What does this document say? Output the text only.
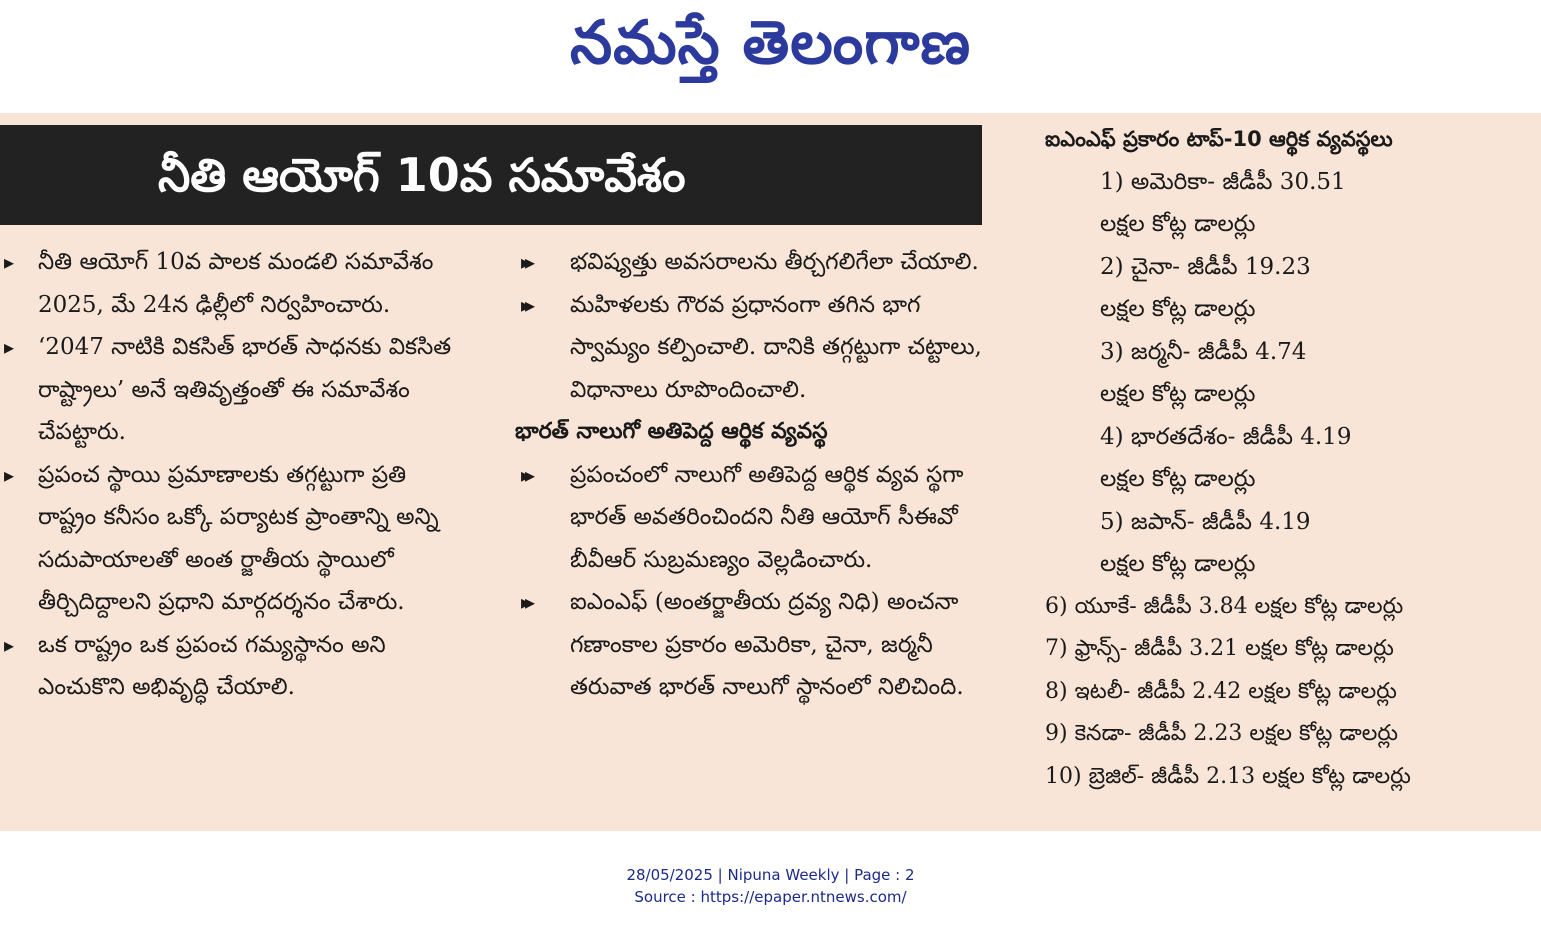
నమస్తే తెలంగాణ
నీతి ఆయోగ్ 10వ సమావేశం
▸ నీతి ఆయోగ్ 10వ పాలక మండలి సమావేశం 2025, మే 24న ఢిల్లీలో నిర్వహించారు.
▸ ‘2047 నాటికి వికసిత్ భారత్ సాధనకు వికసిత రాష్ట్రాలు’ అనే ఇతివృత్తంతో ఈ సమావేశం చేపట్టారు.
▸ ప్రపంచ స్థాయి ప్రమాణాలకు తగ్గట్టుగా ప్రతి రాష్ట్రం కనీసం ఒక్కో పర్యాటక ప్రాంతాన్ని అన్ని సదుపాయాలతో అంత ర్జాతీయ స్థాయిలో తీర్చిదిద్దాలని ప్రధాని మార్గదర్శనం చేశారు.
▸ ఒక రాష్ట్రం ఒక ప్రపంచ గమ్యస్థానం అని ఎంచుకొని అభివృద్ధి చేయాలి.
▸▸ భవిష్యత్తు అవసరాలను తీర్చగలిగేలా చేయాలి.
▸▸ మహిళలకు గౌరవ ప్రధానంగా తగిన భాగ స్వామ్యం కల్పించాలి. దానికి తగ్గట్టుగా చట్టాలు, విధానాలు రూపొందించాలి.
భారత్ నాలుగో అతిపెద్ద ఆర్థిక వ్యవస్థ
▸▸ ప్రపంచంలో నాలుగో అతిపెద్ద ఆర్థిక వ్యవ స్థగా భారత్ అవతరించిందని నీతి ఆయోగ్ సీఈవో బీవీఆర్ సుబ్రమణ్యం వెల్లడించారు.
▸▸ ఐఎంఎఫ్ (అంతర్జాతీయ ద్రవ్య నిధి) అంచనా గణాంకాల ప్రకారం అమెరికా, చైనా, జర్మనీ తరువాత భారత్ నాలుగో స్థానంలో నిలిచింది.
ఐఎంఎఫ్ ప్రకారం టాప్-10 ఆర్థిక వ్యవస్థలు
1) అమెరికా- జీడీపీ 30.51
లక్షల కోట్ల డాలర్లు
2) చైనా- జీడీపీ 19.23
లక్షల కోట్ల డాలర్లు
3) జర్మనీ- జీడీపీ 4.74
లక్షల కోట్ల డాలర్లు
4) భారతదేశం- జీడీపీ 4.19
లక్షల కోట్ల డాలర్లు
5) జపాన్- జీడీపీ 4.19
లక్షల కోట్ల డాలర్లు
6) యూకే- జీడీపీ 3.84 లక్షల కోట్ల డాలర్లు
7) ఫ్రాన్స్- జీడీపీ 3.21 లక్షల కోట్ల డాలర్లు
8) ఇటలీ- జీడీపీ 2.42 లక్షల కోట్ల డాలర్లు
9) కెనడా- జీడీపీ 2.23 లక్షల కోట్ల డాలర్లు
10) బ్రెజిల్- జీడీపీ 2.13 లక్షల కోట్ల డాలర్లు
28/05/2025 | Nipuna Weekly | Page : 2
Source : https://epaper.ntnews.com/
